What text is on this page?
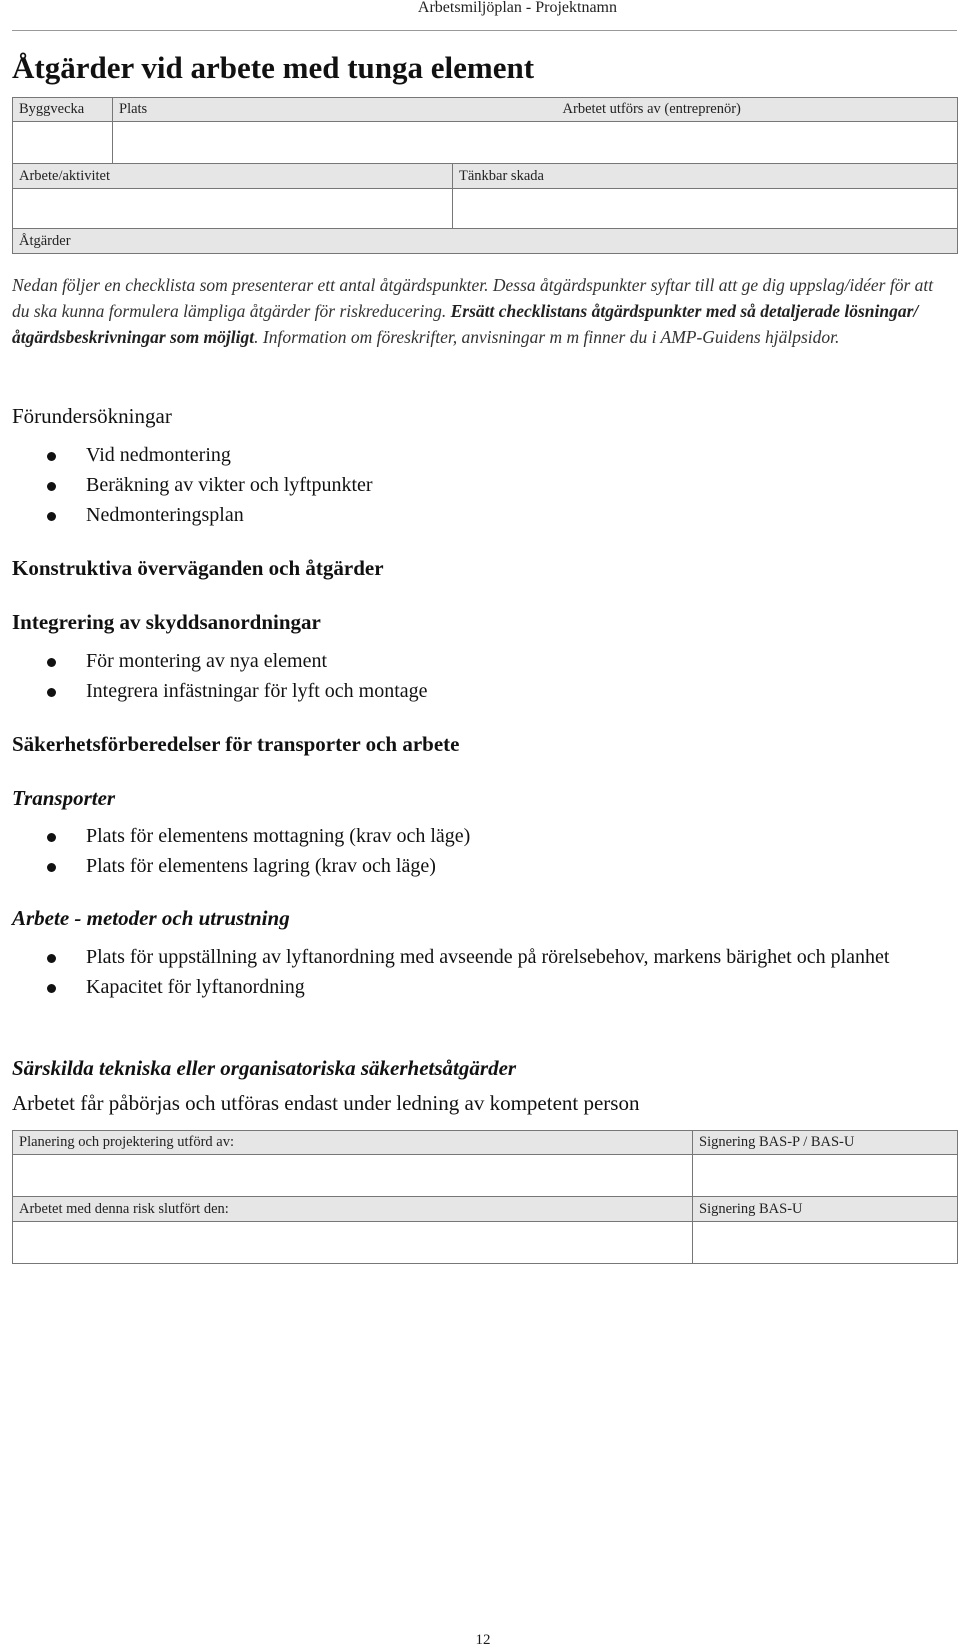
Arbetsmiljöplan - Projektnamn
Åtgärder vid arbete med tunga element
Byggvecka	Plats		Arbetet utförs av (entreprenör)

Arbete/aktivitet		Tänkbar skada	

Åtgärder			

Nedan följer en checklista som presenterar ett antal åtgärdspunkter. Dessa åtgärdspunkter syftar till att ge dig uppslag/idéer för att du ska kunna formulera lämpliga åtgärder för riskreducering. Ersätt checklistans åtgärdspunkter med så detaljerade lösningar/åtgärdsbeskrivningar som möjligt. Information om föreskrifter, anvisningar m m finner du i AMP-Guidens hjälpsidor.

Förundersökningar
Vid nedmontering
Beräkning av vikter och lyftpunkter
Nedmonteringsplan
Konstruktiva överväganden och åtgärder
Integrering av skyddsanordningar
För montering av nya element
Integrera infästningar för lyft och montage
Säkerhetsförberedelser för transporter och arbete
Transporter
Plats för elementens mottagning (krav och läge)
Plats för elementens lagring (krav och läge)
Arbete - metoder och utrustning
Plats för uppställning av lyftanordning med avseende på rörelsebehov, markens bärighet och planhet
Kapacitet för lyftanordning
Särskilda tekniska eller organisatoriska säkerhetsåtgärder

Arbetet får påbörjas och utföras endast under ledning av kompetent person

Planering och projektering utförd av:	Signering BAS-P / BAS-U

Arbetet med denna risk slutfört den:	Signering BAS-U

12
